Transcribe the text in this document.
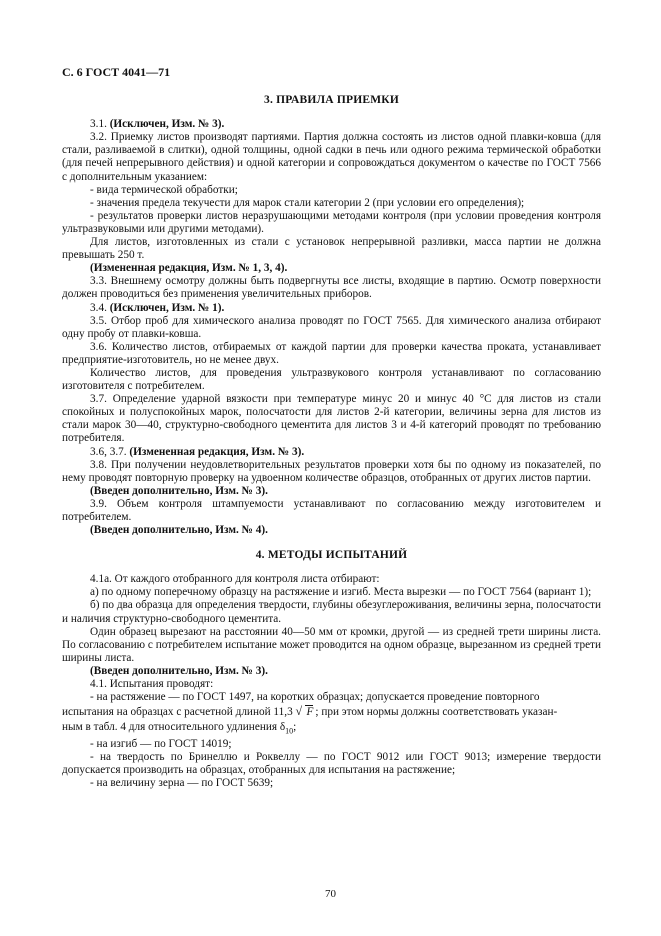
С. 6 ГОСТ 4041—71
3. ПРАВИЛА ПРИЕМКИ

3.1. (Исключен, Изм. № 3).

3.2. Приемку листов производят партиями. Партия должна состоять из листов одной плавки-ковша (для стали, разливаемой в слитки), одной толщины, одной садки в печь или одного режима термической обработки (для печей непрерывного действия) и одной категории и сопровождаться документом о качестве по ГОСТ 7566 с дополнительным указанием:

- вида термической обработки;

- значения предела текучести для марок стали категории 2 (при условии его определения);

- результатов проверки листов неразрушающими методами контроля (при условии проведения контроля ультразвуковыми или другими методами).

Для листов, изготовленных из стали с установок непрерывной разливки, масса партии не должна превышать 250 т.

(Измененная редакция, Изм. № 1, 3, 4).

3.3. Внешнему осмотру должны быть подвергнуты все листы, входящие в партию. Осмотр поверхности должен проводиться без применения увеличительных приборов.

3.4. (Исключен, Изм. № 1).

3.5. Отбор проб для химического анализа проводят по ГОСТ 7565. Для химического анализа отбирают одну пробу от плавки-ковша.

3.6. Количество листов, отбираемых от каждой партии для проверки качества проката, устанавливает предприятие-изготовитель, но не менее двух.

Количество листов, для проведения ультразвукового контроля устанавливают по согласованию изготовителя с потребителем.

3.7. Определение ударной вязкости при температуре минус 20 и минус 40 °С для листов из стали спокойных и полуспокойных марок, полосчатости для листов 2-й категории, величины зерна для листов из стали марок 30—40, структурно-свободного цементита для листов 3 и 4-й категорий проводят по требованию потребителя.

3.6, 3.7. (Измененная редакция, Изм. № 3).

3.8. При получении неудовлетворительных результатов проверки хотя бы по одному из показателей, по нему проводят повторную проверку на удвоенном количестве образцов, отобранных от других листов партии.

(Введен дополнительно, Изм. № 3).

3.9. Объем контроля штампуемости устанавливают по согласованию между изготовителем и потребителем.

(Введен дополнительно, Изм. № 4).

4. МЕТОДЫ ИСПЫТАНИЙ

4.1а. От каждого отобранного для контроля листа отбирают:

а) по одному поперечному образцу на растяжение и изгиб. Места вырезки — по ГОСТ 7564 (вариант 1);

б) по два образца для определения твердости, глубины обезуглероживания, величины зерна, полосчатости и наличия структурно-свободного цементита.

Один образец вырезают на расстоянии 40—50 мм от кромки, другой — из средней трети ширины листа. По согласованию с потребителем испытание может проводится на одном образце, вырезанном из средней трети ширины листа.

(Введен дополнительно, Изм. № 3).

4.1. Испытания проводят:

- на растяжение — по ГОСТ 1497, на коротких образцах; допускается проведение повторного

испытания на образцах с расчетной длиной 11,3 √ F ; при этом нормы должны соответствовать указан-

ным в табл. 4 для относительного удлинения $\delta_{10}$;

- на изгиб — по ГОСТ 14019;

- на твердость по Бринеллю и Роквеллу — по ГОСТ 9012 или ГОСТ 9013; измерение твердости допускается производить на образцах, отобранных для испытания на растяжение;

- на величину зерна — по ГОСТ 5639;

70
